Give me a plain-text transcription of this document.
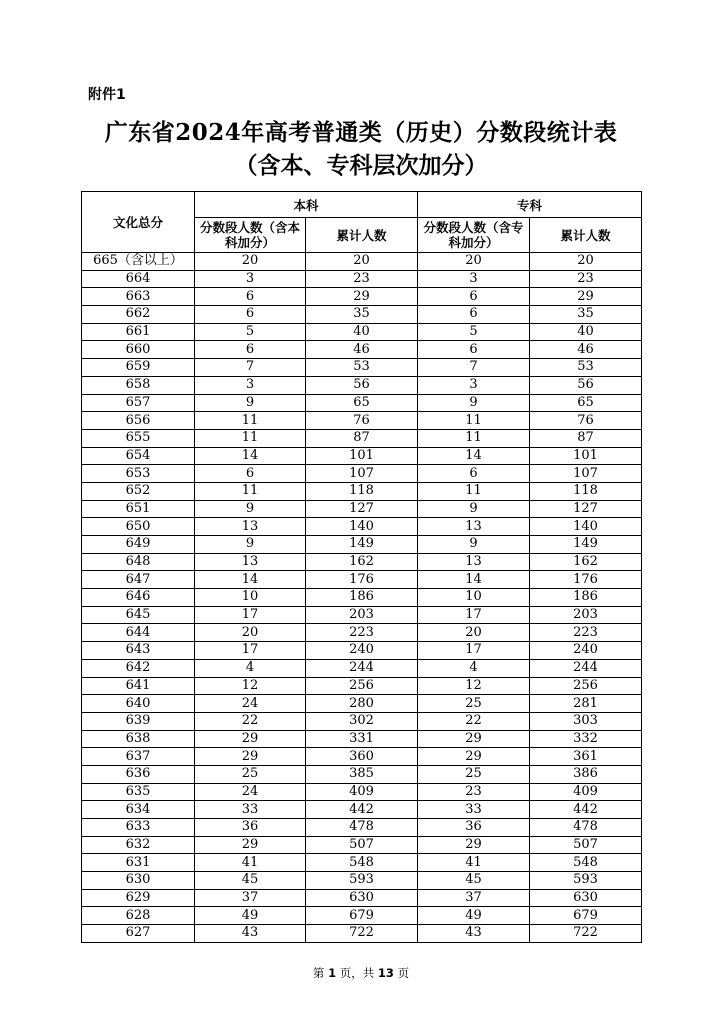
附件1
广东省2024年高考普通类（历史）分数段统计表
（含本、专科层次加分）
文化总分	本科		专科	
	分数段人数（含本科加分）	累计人数	分数段人数（含专科加分）	累计人数
665（含以上）	20	20	20	20
664	3	23	3	23
663	6	29	6	29
662	6	35	6	35
661	5	40	5	40
660	6	46	6	46
659	7	53	7	53
658	3	56	3	56
657	9	65	9	65
656	11	76	11	76
655	11	87	11	87
654	14	101	14	101
653	6	107	6	107
652	11	118	11	118
651	9	127	9	127
650	13	140	13	140
649	9	149	9	149
648	13	162	13	162
647	14	176	14	176
646	10	186	10	186
645	17	203	17	203
644	20	223	20	223
643	17	240	17	240
642	4	244	4	244
641	12	256	12	256
640	24	280	25	281
639	22	302	22	303
638	29	331	29	332
637	29	360	29	361
636	25	385	25	386
635	24	409	23	409
634	33	442	33	442
633	36	478	36	478
632	29	507	29	507
631	41	548	41	548
630	45	593	45	593
629	37	630	37	630
628	49	679	49	679
627	43	722	43	722
第 1 页，共 13 页
